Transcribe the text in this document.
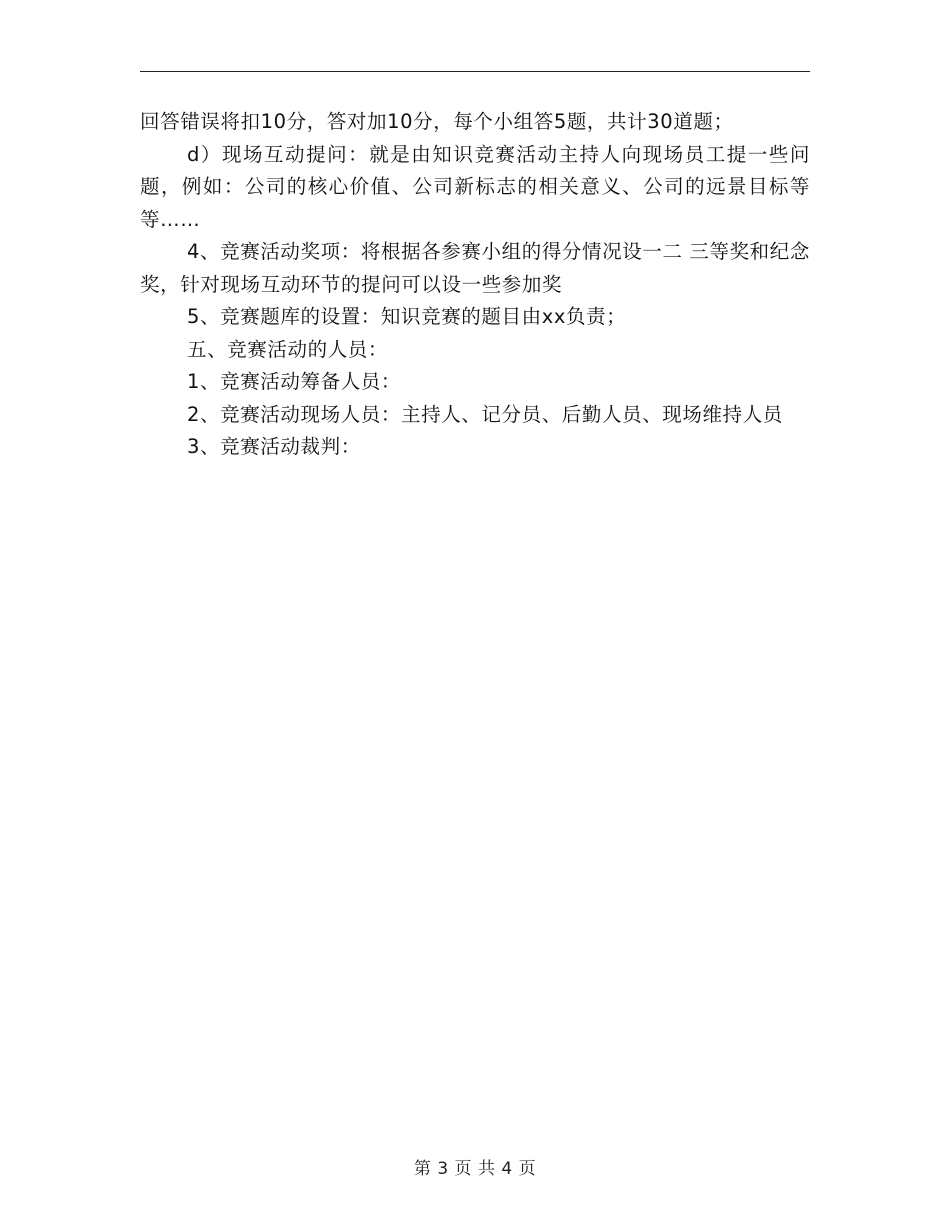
回答错误将扣10分，答对加10分，每个小组答5题，共计30道题；

d）现场互动提问：就是由知识竞赛活动主持人向现场员工提一些问题，例如：公司的核心价值、公司新标志的相关意义、公司的远景目标等等……

4、竞赛活动奖项：将根据各参赛小组的得分情况设一二 三等奖和纪念奖，针对现场互动环节的提问可以设一些参加奖

5、竞赛题库的设置：知识竞赛的题目由xx负责；

五、竞赛活动的人员：

1、竞赛活动筹备人员：

2、竞赛活动现场人员：主持人、记分员、后勤人员、现场维持人员

3、竞赛活动裁判：

第 3 页 共 4 页
